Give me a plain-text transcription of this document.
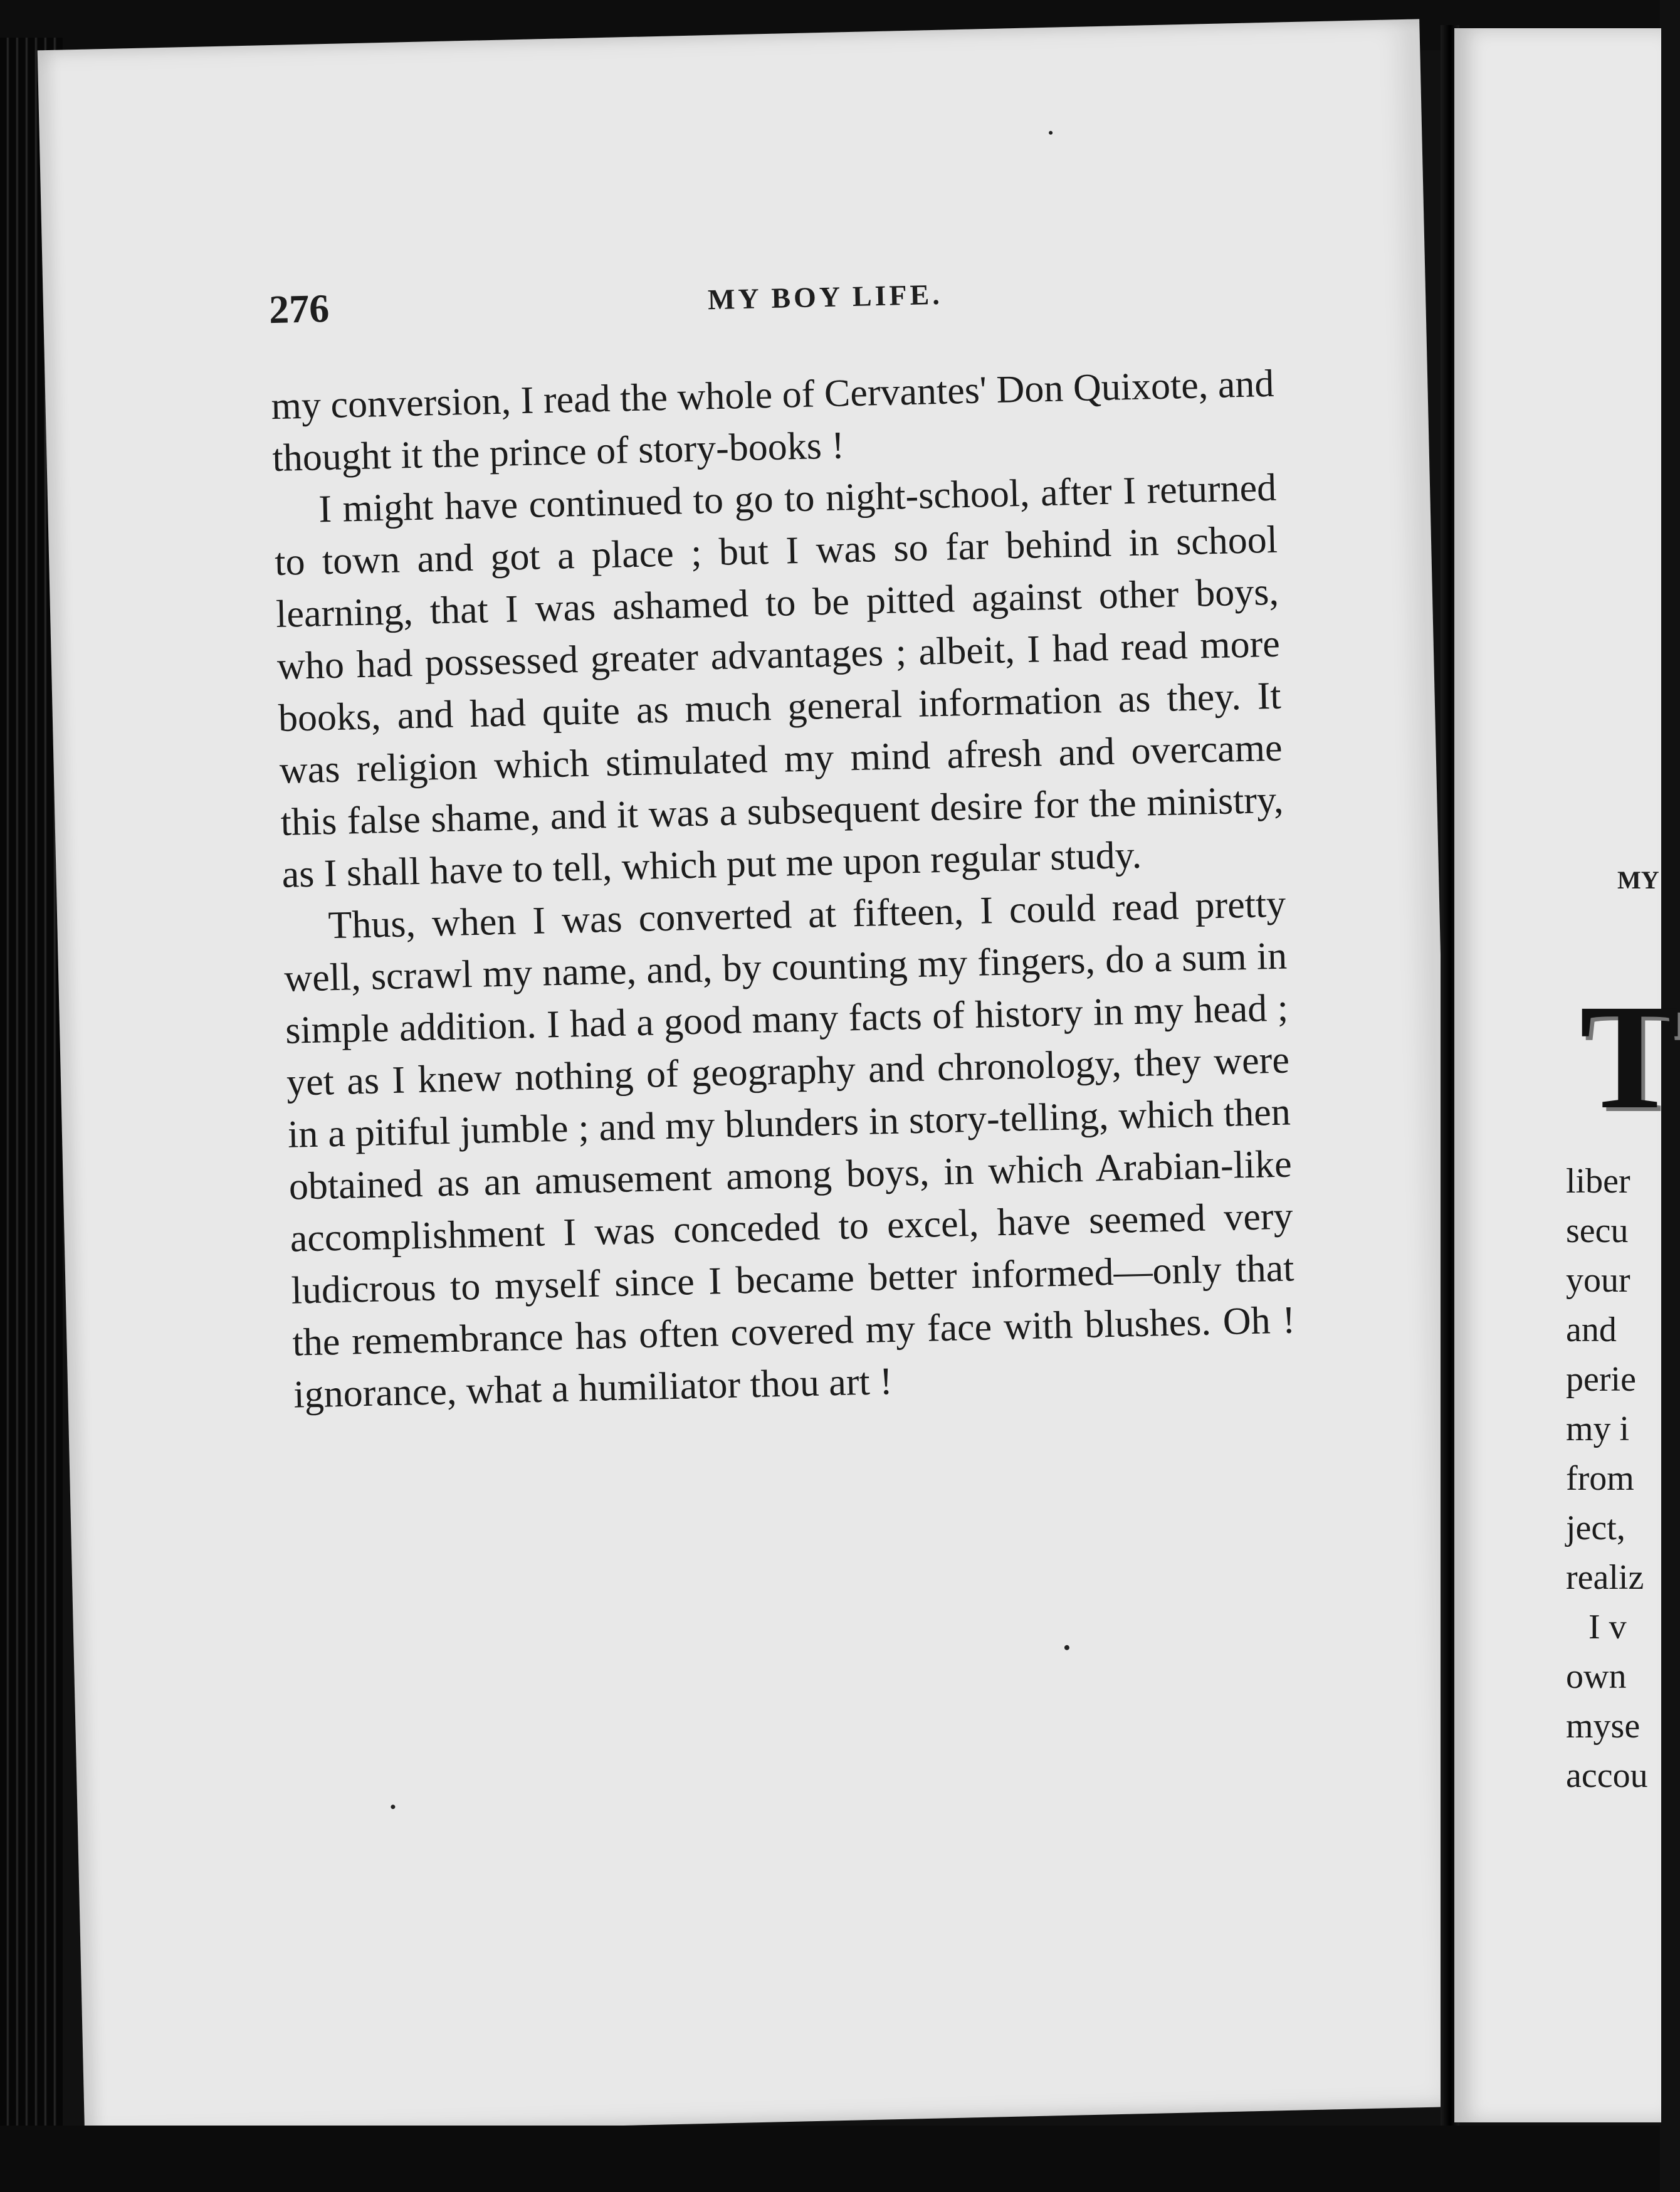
276	MY BOY LIFE.

my conversion, I read the whole of Cervantes' Don Quixote, and thought it the prince of story-books !

I might have continued to go to night-school, after I returned to town and got a place ; but I was so far behind in school learning, that I was ashamed to be pitted against other boys, who had possessed greater advantages ; albeit, I had read more books, and had quite as much general information as they. It was religion which stimulated my mind afresh and overcame this false shame, and it was a subsequent desire for the ministry, as I shall have to tell, which put me upon regular study.

Thus, when I was converted at fifteen, I could read pretty well, scrawl my name, and, by counting my fingers, do a sum in simple addition. I had a good many facts of history in my head ; yet as I knew nothing of geography and chronology, they were in a pitiful jumble ; and my blunders in story-telling, which then obtained as an amusement among boys, in which Arabian-like accomplishment I was conceded to excel, have seemed very ludicrous to myself since I became better informed—only that the remembrance has often covered my face with blushes. Oh ! ignorance, what a humiliator thou art !

MY
T
liber
secu
your
and
perie
my i
from
ject,
realiz
I v
own
myse
accou
